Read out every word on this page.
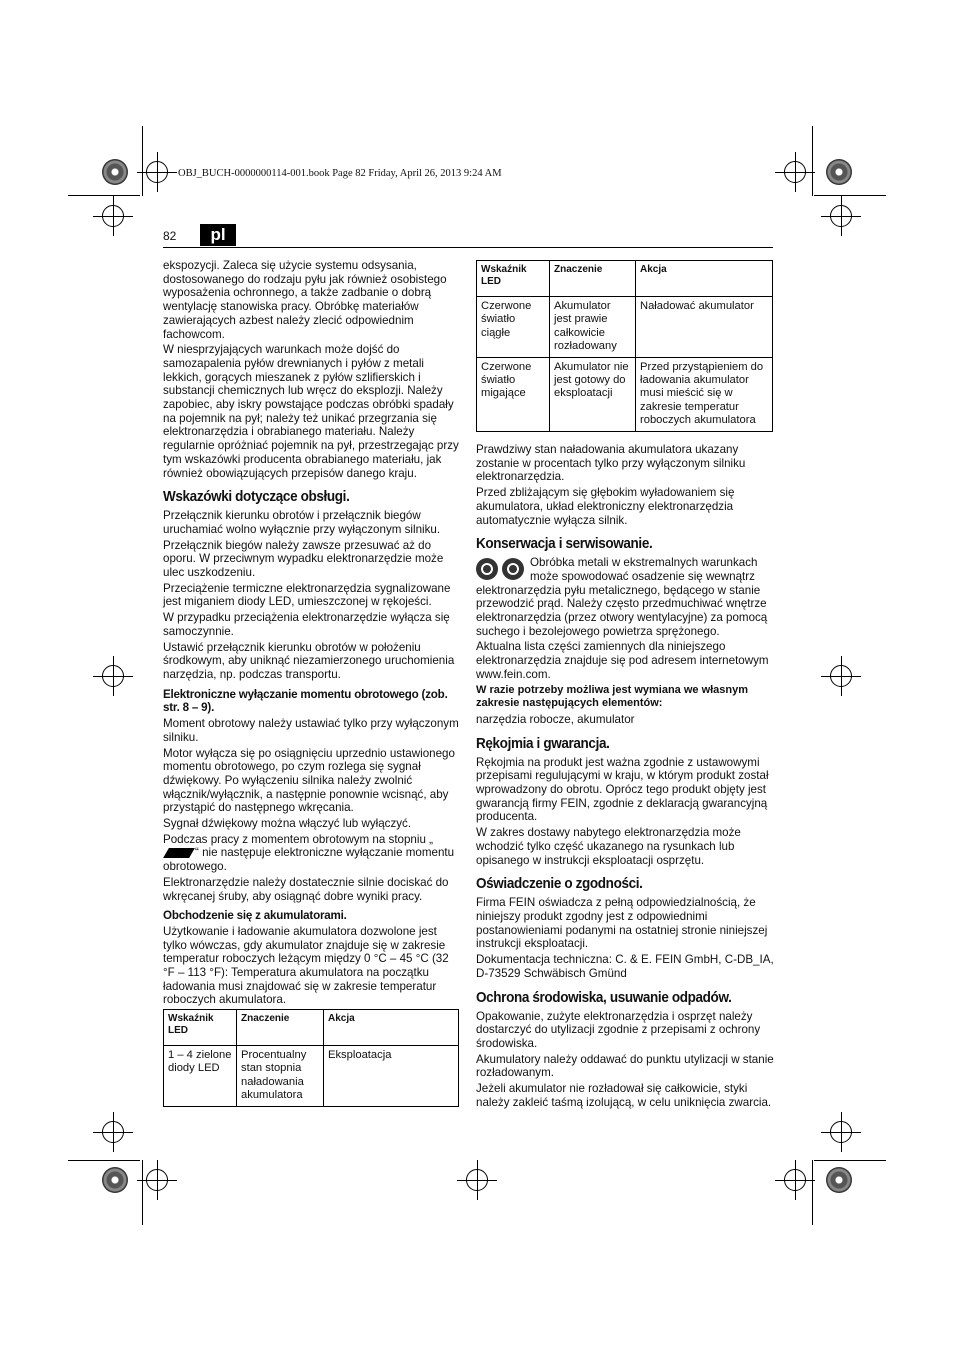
OBJ_BUCH-0000000114-001.book Page 82 Friday, April 26, 2013 9:24 AM
82	pl

ekspozycji. Zaleca się użycie systemu odsysania, dostosowanego do rodzaju pyłu jak również osobistego wyposażenia ochronnego, a także zadbanie o dobrą wentylację stanowiska pracy. Obróbkę materiałów zawierających azbest należy zlecić odpowiednim fachowcom.

W niesprzyjających warunkach może dojść do samozapalenia pyłów drewnianych i pyłów z metali lekkich, gorących mieszanek z pyłów szlifierskich i substancji chemicznych lub wręcz do eksplozji. Należy zapobiec, aby iskry powstające podczas obróbki spadały na pojemnik na pył; należy też unikać przegrzania się elektronarzędzia i obrabianego materiału. Należy regularnie opróżniać pojemnik na pył, przestrzegając przy tym wskazówki producenta obrabianego materiału, jak również obowiązujących przepisów danego kraju.

Wskazówki dotyczące obsługi.

Przełącznik kierunku obrotów i przełącznik biegów uruchamiać wolno wyłącznie przy wyłączonym silniku.

Przełącznik biegów należy zawsze przesuwać aż do oporu. W przeciwnym wypadku elektronarzędzie może ulec uszkodzeniu.

Przeciążenie termiczne elektronarzędzia sygnalizowane jest miganiem diody LED, umieszczonej w rękojeści.

W przypadku przeciążenia elektronarzędzie wyłącza się samoczynnie.

Ustawić przełącznik kierunku obrotów w położeniu środkowym, aby uniknąć niezamierzonego uruchomienia narzędzia, np. podczas transportu.

Elektroniczne wyłączanie momentu obrotowego (zob. str. 8 – 9).

Moment obrotowy należy ustawiać tylko przy wyłączonym silniku.

Motor wyłącza się po osiągnięciu uprzednio ustawionego momentu obrotowego, po czym rozlega się sygnał dźwiękowy. Po wyłączeniu silnika należy zwolnić włącznik/wyłącznik, a następnie ponownie wcisnąć, aby przystąpić do następnego wkręcania.

Sygnał dźwiękowy można włączyć lub wyłączyć.

Podczas pracy z momentem obrotowym na stopniu „“ nie następuje elektroniczne wyłączanie momentu obrotowego.

Elektronarzędzie należy dostatecznie silnie dociskać do wkręcanej śruby, aby osiągnąć dobre wyniki pracy.

Obchodzenie się z akumulatorami.

Użytkowanie i ładowanie akumulatora dozwolone jest tylko wówczas, gdy akumulator znajduje się w zakresie temperatur roboczych leżącym między 0 °C – 45 °C (32 °F – 113 °F): Temperatura akumulatora na początku ładowania musi znajdować się w zakresie temperatur roboczych akumulatora.

Wskaźnik LED	Znaczenie	Akcja
1 – 4 zielone diody LED	Procentualny stan stopnia naładowania akumulatora	Eksploatacja
Wskaźnik LED	Znaczenie	Akcja
Czerwone światło ciągłe	Akumulator jest prawie całkowicie rozładowany	Naładować akumulator
Czerwone światło migające	Akumulator nie jest gotowy do eksploatacji	Przed przystąpieniem do ładowania akumulator musi mieścić się w zakresie temperatur roboczych akumulatora

Prawdziwy stan naładowania akumulatora ukazany zostanie w procentach tylko przy wyłączonym silniku elektronarzędzia.

Przed zbliżającym się głębokim wyładowaniem się akumulatora, układ elektroniczny elektronarzędzia automatycznie wyłącza silnik.

Konserwacja i serwisowanie.

Obróbka metali w ekstremalnych warunkach może spowodować osadzenie się wewnątrz elektronarzędzia pyłu metalicznego, będącego w stanie przewodzić prąd. Należy często przedmuchiwać wnętrze elektronarzędzia (przez otwory wentylacyjne) za pomocą suchego i bezolejowego powietrza sprężonego.

Aktualna lista części zamiennych dla niniejszego elektronarzędzia znajduje się pod adresem internetowym www.fein.com.

W razie potrzeby możliwa jest wymiana we własnym zakresie następujących elementów:

narzędzia robocze, akumulator

Rękojmia i gwarancja.

Rękojmia na produkt jest ważna zgodnie z ustawowymi przepisami regulującymi w kraju, w którym produkt został wprowadzony do obrotu. Oprócz tego produkt objęty jest gwarancją firmy FEIN, zgodnie z deklaracją gwarancyjną producenta.

W zakres dostawy nabytego elektronarzędzia może wchodzić tylko część ukazanego na rysunkach lub opisanego w instrukcji eksploatacji osprzętu.

Oświadczenie o zgodności.

Firma FEIN oświadcza z pełną odpowiedzialnością, że niniejszy produkt zgodny jest z odpowiednimi postanowieniami podanymi na ostatniej stronie niniejszej instrukcji eksploatacji.

Dokumentacja techniczna: C. & E. FEIN GmbH, C-DB_IA, D-73529 Schwäbisch Gmünd

Ochrona środowiska, usuwanie odpadów.

Opakowanie, zużyte elektronarzędzia i osprzęt należy dostarczyć do utylizacji zgodnie z przepisami z ochrony środowiska.

Akumulatory należy oddawać do punktu utylizacji w stanie rozładowanym.

Jeżeli akumulator nie rozładował się całkowicie, styki należy zakleić taśmą izolującą, w celu uniknięcia zwarcia.
